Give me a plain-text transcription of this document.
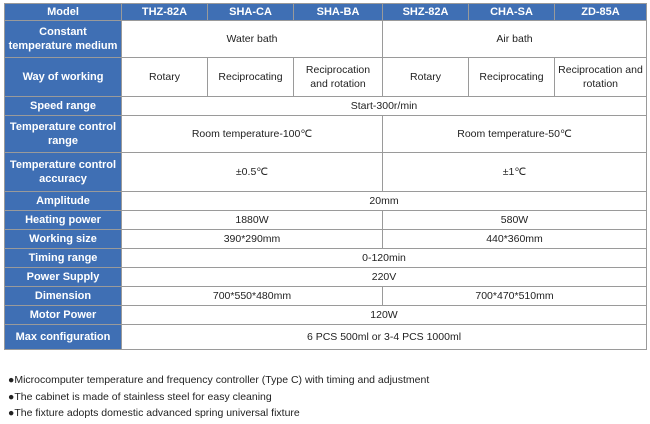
Model	THZ-82A	SHA-CA	SHA-BA	SHZ-82A	CHA-SA	ZD-85A
Constant temperature medium	Water bath			Air bath		
Way of working	Rotary	Reciprocating	Reciprocation and rotation	Rotary	Reciprocating	Reciprocation and rotation
Speed range	Start-300r/min					
Temperature control range	Room temperature-100℃			Room temperature-50℃		
Temperature control accuracy	±0.5℃			±1℃		
Amplitude	20mm					
Heating power	1880W			580W		
Working size	390*290mm			440*360mm		
Timing range	0-120min					
Power Supply	220V					
Dimension	700*550*480mm			700*470*510mm		
Motor Power	120W					
Max configuration	6 PCS 500ml or 3-4 PCS 1000ml					
●Microcomputer temperature and frequency controller (Type C) with timing and adjustment
●The cabinet is made of stainless steel for easy cleaning
●The fixture adopts domestic advanced spring universal fixture
